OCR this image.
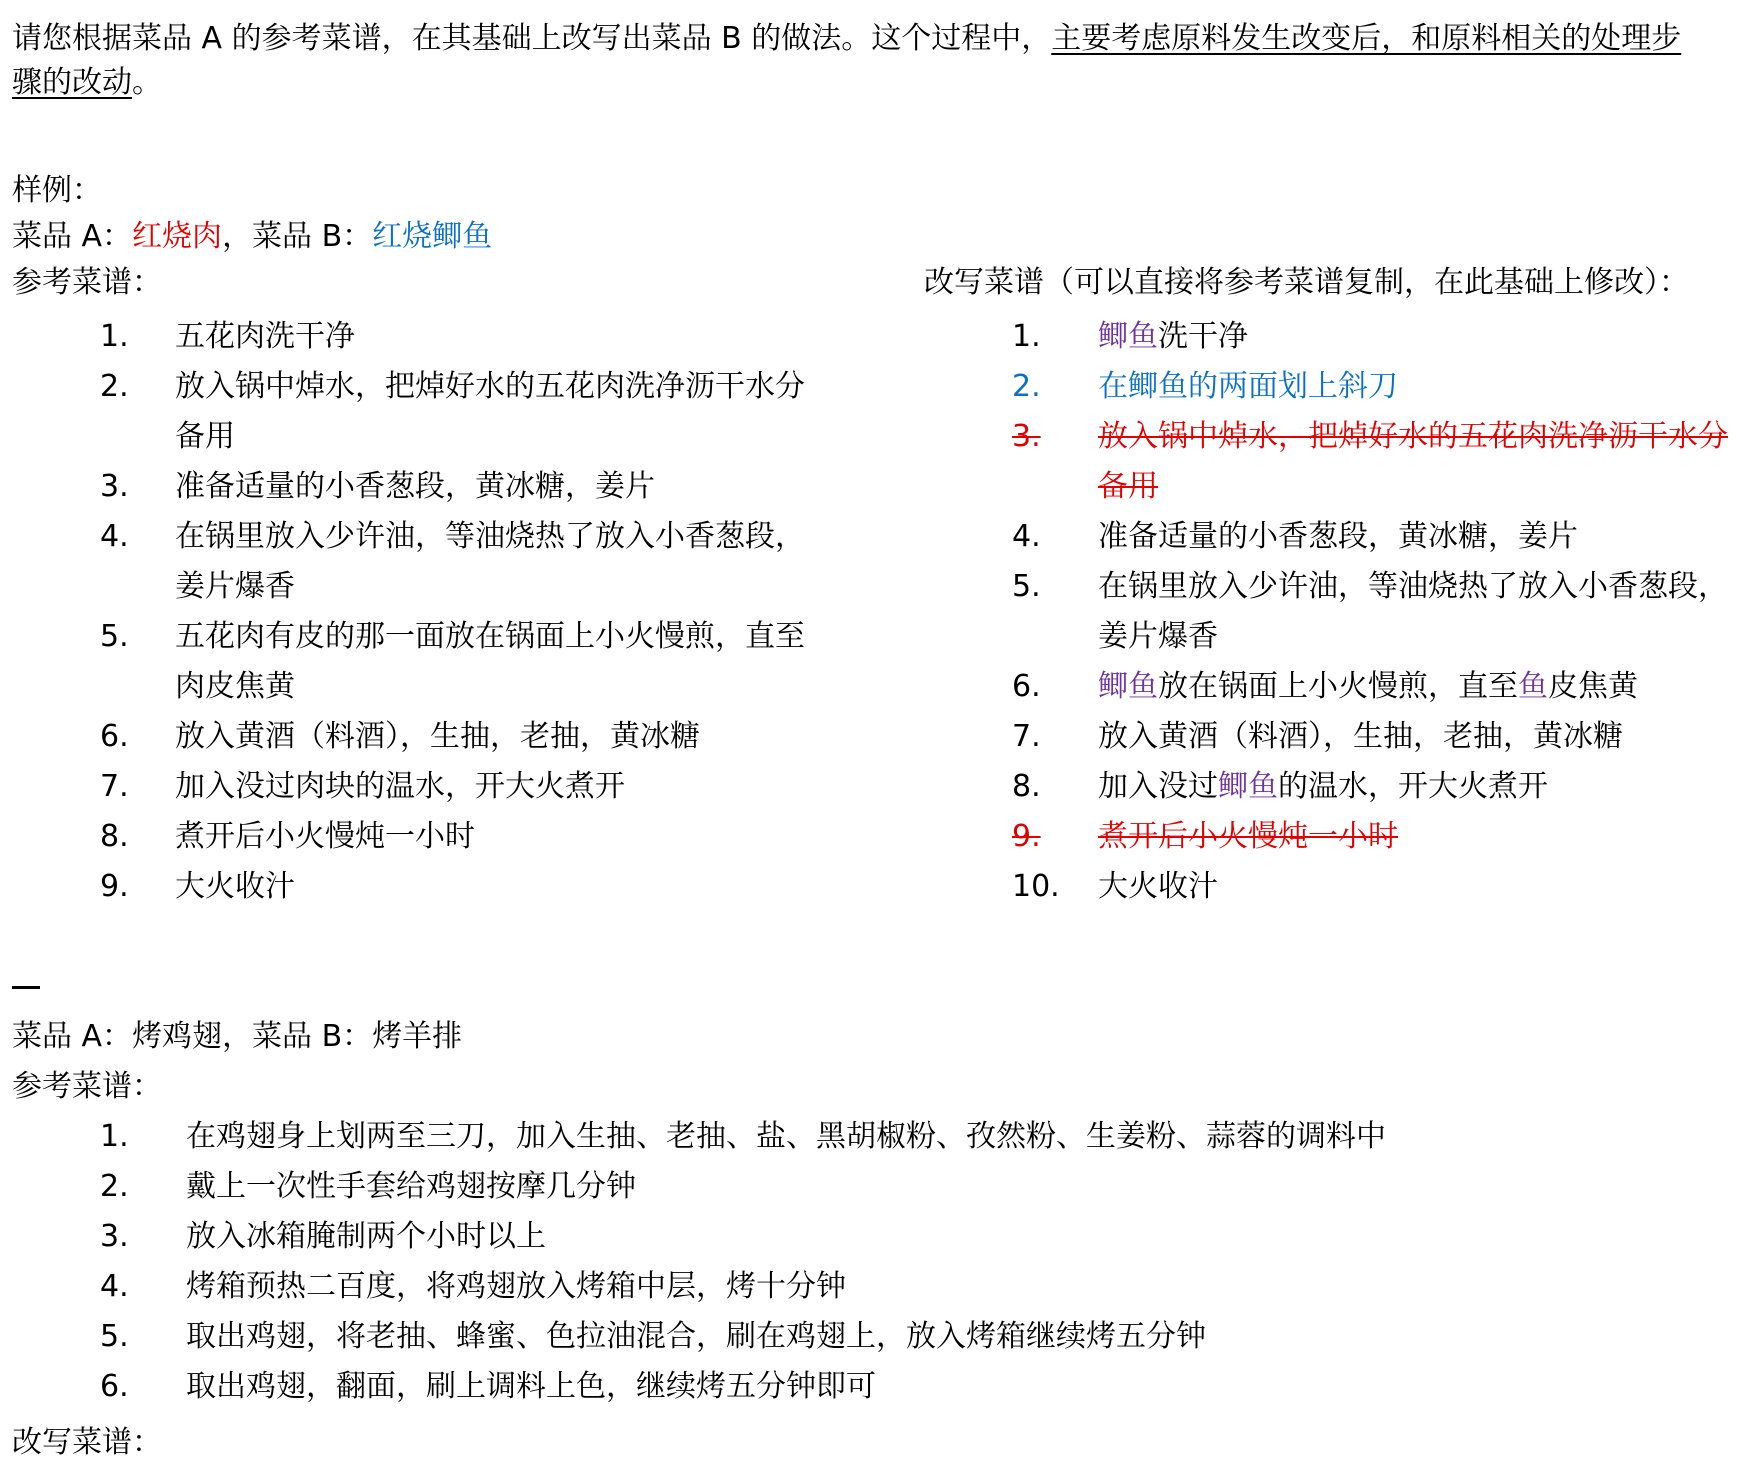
请您根据菜品 A 的参考菜谱，在其基础上改写出菜品 B 的做法。这个过程中，主要考虑原料发生改变后，和原料相关的处理步
骤的改动。
样例：
菜品 A：红烧肉，菜品 B：红烧鲫鱼
参考菜谱：	改写菜谱（可以直接将参考菜谱复制，在此基础上修改）：
1.	五花肉洗干净
2.	放入锅中焯水，把焯好水的五花肉洗净沥干水分
备用
3.	准备适量的小香葱段，黄冰糖，姜片
4.	在锅里放入少许油，等油烧热了放入小香葱段，
姜片爆香
5.	五花肉有皮的那一面放在锅面上小火慢煎，直至
肉皮焦黄
6.	放入黄酒（料酒），生抽，老抽，黄冰糖
7.	加入没过肉块的温水，开大火煮开
8.	煮开后小火慢炖一小时
9.	大火收汁
1.	鲫鱼洗干净
2.	在鲫鱼的两面划上斜刀
3. 放入锅中焯水，把焯好水的五花肉洗净沥干水分
备用
4.	准备适量的小香葱段，黄冰糖，姜片
5.	在锅里放入少许油，等油烧热了放入小香葱段，
姜片爆香
6.	鲫鱼放在锅面上小火慢煎，直至鱼皮焦黄
7.	放入黄酒（料酒），生抽，老抽，黄冰糖
8.	加入没过鲫鱼的温水，开大火煮开
9. 煮开后小火慢炖一小时
10.	大火收汁
菜品 A：烤鸡翅，菜品 B：烤羊排
参考菜谱：
1.	在鸡翅身上划两至三刀，加入生抽、老抽、盐、黑胡椒粉、孜然粉、生姜粉、蒜蓉的调料中
2.	戴上一次性手套给鸡翅按摩几分钟
3.	放入冰箱腌制两个小时以上
4.	烤箱预热二百度，将鸡翅放入烤箱中层，烤十分钟
5.	取出鸡翅，将老抽、蜂蜜、色拉油混合，刷在鸡翅上，放入烤箱继续烤五分钟
6.	取出鸡翅，翻面，刷上调料上色，继续烤五分钟即可
改写菜谱：
